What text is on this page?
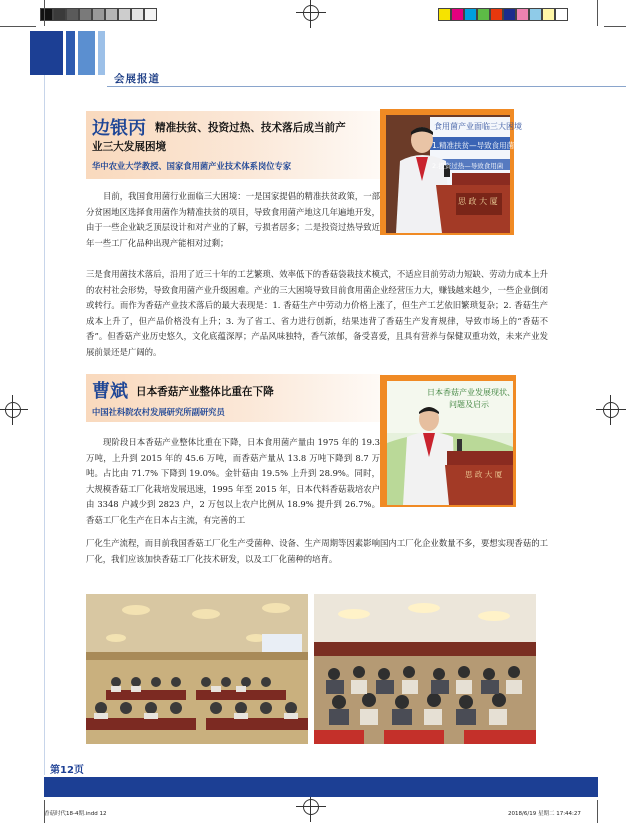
会展报道
边银丙 精准扶贫、投资过热、技术落后成当前产
业三大发展困境
华中农业大学教授、国家食用菌产业技术体系岗位专家
食用菌产业面临三大困境
1.精准扶贫—导致食用菌
2.投资过热—导致食用菌
思 政 大 厦
目前，我国食用菌行业面临三大困境：一是国家提倡的精准扶贫政策，一部分贫困地区选择食用菌作为精准扶贫的项目，导致食用菌产地这几年遍地开发，由于一些企业缺乏顶层设计和对产业的了解，亏损者居多；二是投资过热导致近年一些工厂化品种出现产能相对过剩；
三是食用菌技术落后，沿用了近三十年的工艺繁琐、效率低下的香菇袋栽技术模式，不适应目前劳动力短缺、劳动力成本上升的农村社会形势，导致食用菌产业升级困难。产业的三大困境导致目前食用菌企业经营压力大，赚钱越来越少，一些企业倒闭或转行。而作为香菇产业技术落后的最大表现是：1. 香菇生产中劳动力价格上涨了，但生产工艺依旧繁琐复杂；2. 香菇生产成本上升了，但产品价格没有上升；3. 为了省工、省力进行创新，结果违背了香菇生产发育规律，导致市场上的“香菇不香”。但香菇产业历史悠久，文化底蕴深厚；产品风味独特，香气浓郁，备受喜爱，且具有营养与保健双重功效，未来产业发展前景还是广阔的。
曹斌 日本香菇产业整体比重在下降
中国社科院农村发展研究所副研究员
日本香菇产业发展现状、
问题及启示
思 政 大 厦
现阶段日本香菇产业整体比重在下降，日本食用菌产量由 1975 年的 19.3 万吨，上升到 2015 年的 45.6 万吨，而香菇产量从 13.8 万吨下降到 8.7 万吨。占比由 71.7% 下降到 19.0%。金针菇由 19.5% 上升到 28.9%。同时，大规模香菇工厂化栽培发展迅速，1995 年至 2015 年，日本代料香菇栽培农户由 3348 户减少到 2823 户，2 万包以上农户比例从 18.9% 提升到 26.7%。香菇工厂化生产在日本占主流，有完善的工
厂化生产流程，而目前我国香菇工厂化生产受菌种、设备、生产周期等因素影响国内工厂化企业数量不多，要想实现香菇的工厂化，我们应该加快香菇工厂化技术研发，以及工厂化菌种的培育。
第12页
香菇时代18-4期.indd 12	2018/6/19 星期二 17:44:27
